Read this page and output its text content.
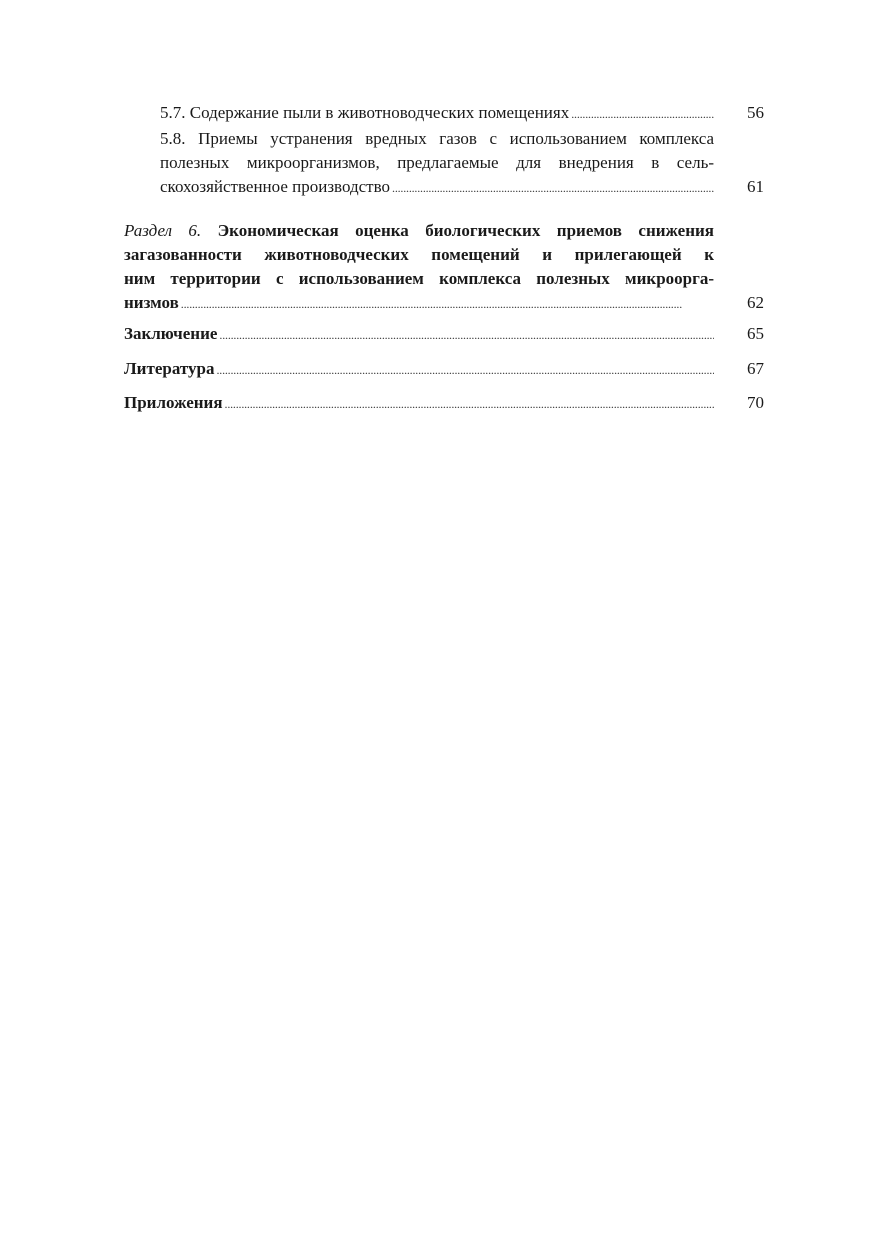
5.7. Содержание пыли в животноводческих помещениях . . .	56
5.8. Приемы устранения вредных газов с использованием комплекса
полезных микроорганизмов, предлагаемые для внедрения в сель-
скохозяйственное производство . . .	61
Раздел 6. Экономическая оценка биологических приемов снижения
загазованности животноводческих помещений и прилегающей к
ним территории с использованием комплекса полезных микроорга-
низмов . . .	62
Заключение . . .	65
Литература . . .	67
Приложения . . .	70
